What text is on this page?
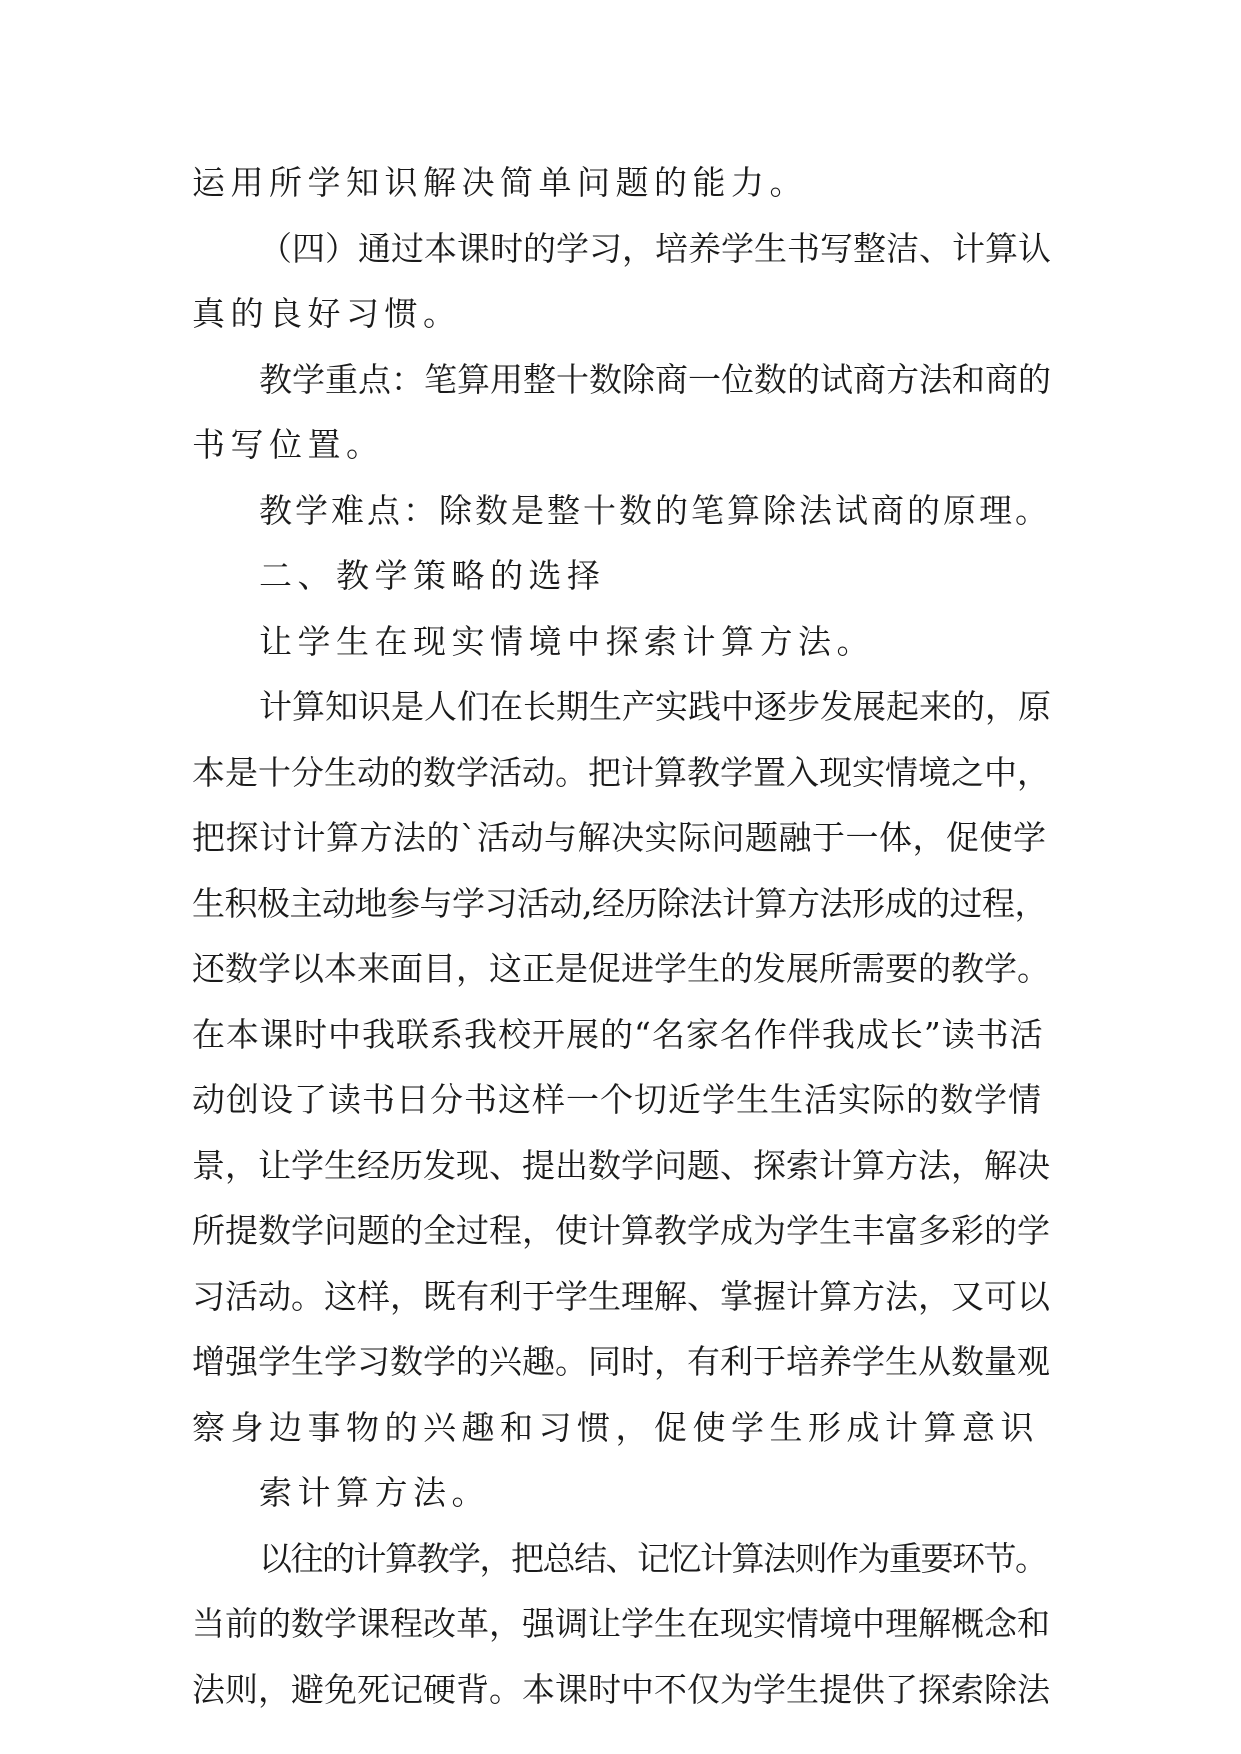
运用所学知识解决简单问题的能力。
（四）通过本课时的学习，培养学生书写整洁、计算认
真的良好习惯。
教学重点：笔算用整十数除商一位数的试商方法和商的
书写位置。
教学难点：除数是整十数的笔算除法试商的原理。
二、教学策略的选择
让学生在现实情境中探索计算方法。
计算知识是人们在长期生产实践中逐步发展起来的，原
本是十分生动的数学活动。把计算教学置入现实情境之中，
把探讨计算方法的`活动与解决实际问题融于一体，促使学
生积极主动地参与学习活动,经历除法计算方法形成的过程，
还数学以本来面目，这正是促进学生的发展所需要的教学。
在本课时中我联系我校开展的“名家名作伴我成长”读书活
动创设了读书日分书这样一个切近学生生活实际的数学情
景，让学生经历发现、提出数学问题、探索计算方法，解决
所提数学问题的全过程，使计算教学成为学生丰富多彩的学
习活动。这样，既有利于学生理解、掌握计算方法，又可以
增强学生学习数学的兴趣。同时，有利于培养学生从数量观
察身边事物的兴趣和习惯，促使学生形成计算意识
索计算方法。
以往的计算教学，把总结、记忆计算法则作为重要环节。
当前的数学课程改革，强调让学生在现实情境中理解概念和
法则，避免死记硬背。本课时中不仅为学生提供了探索除法
